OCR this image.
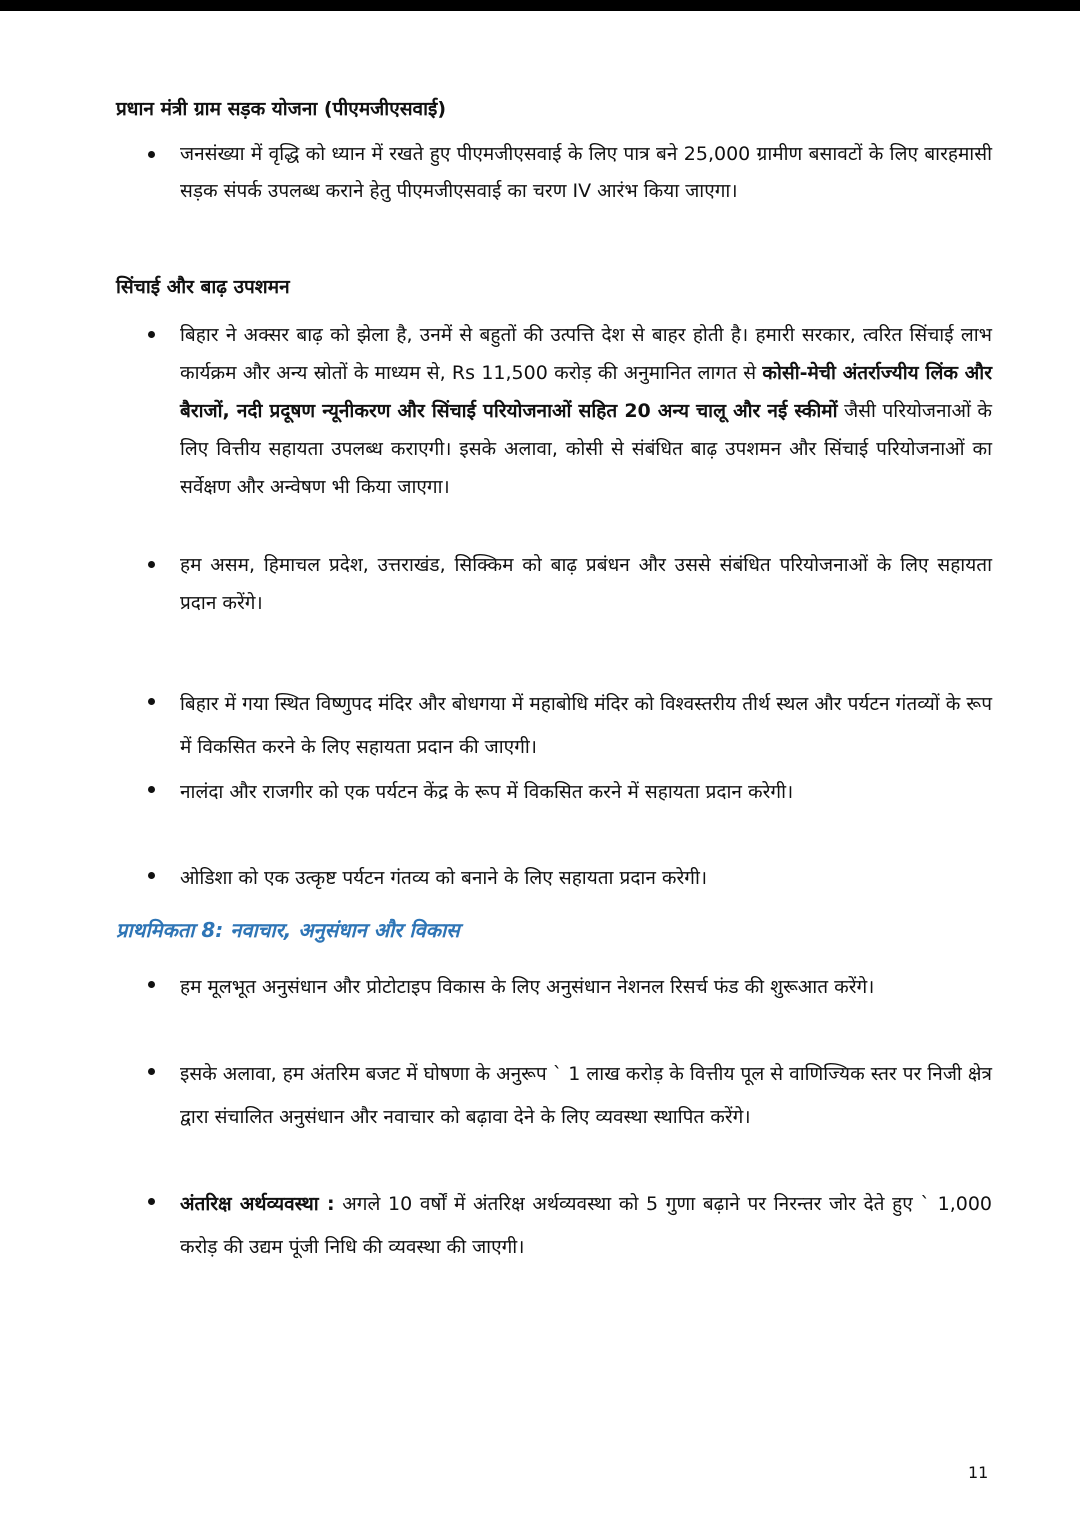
प्रधान मंत्री ग्राम सड़क योजना (पीएमजीएसवाई)
जनसंख्या में वृद्धि को ध्यान में रखते हुए पीएमजीएसवाई के लिए पात्र बने 25,000 ग्रामीण बसावटों के लिए बारहमासी सड़क संपर्क उपलब्ध कराने हेतु पीएमजीएसवाई का चरण IV आरंभ किया जाएगा।
सिंचाई और बाढ़ उपशमन
बिहार ने अक्सर बाढ़ को झेला है, उनमें से बहुतों की उत्पत्ति देश से बाहर होती है। हमारी सरकार, त्वरित सिंचाई लाभ कार्यक्रम और अन्य स्रोतों के माध्यम से, Rs 11,500 करोड़ की अनुमानित लागत से कोसी-मेची अंतर्राज्यीय लिंक और बैराजों, नदी प्रदूषण न्यूनीकरण और सिंचाई परियोजनाओं सहित 20 अन्य चालू और नई स्कीमों जैसी परियोजनाओं के लिए वित्तीय सहायता उपलब्ध कराएगी। इसके अलावा, कोसी से संबंधित बाढ़ उपशमन और सिंचाई परियोजनाओं का सर्वेक्षण और अन्वेषण भी किया जाएगा।
हम असम, हिमाचल प्रदेश, उत्तराखंड, सिक्किम को बाढ़ प्रबंधन और उससे संबंधित परियोजनाओं के लिए सहायता प्रदान करेंगे।
बिहार में गया स्थित विष्णुपद मंदिर और बोधगया में महाबोधि मंदिर को विश्वस्तरीय तीर्थ स्थल और पर्यटन गंतव्यों के रूप में विकसित करने के लिए सहायता प्रदान की जाएगी।
नालंदा और राजगीर को एक पर्यटन केंद्र के रूप में विकसित करने में सहायता प्रदान करेगी।
ओडिशा को एक उत्कृष्ट पर्यटन गंतव्य को बनाने के लिए सहायता प्रदान करेगी।
प्राथमिकता 8: नवाचार, अनुसंधान और विकास
हम मूलभूत अनुसंधान और प्रोटोटाइप विकास के लिए अनुसंधान नेशनल रिसर्च फंड की शुरूआत करेंगे।
इसके अलावा, हम अंतरिम बजट में घोषणा के अनुरूप ` 1 लाख करोड़ के वित्तीय पूल से वाणिज्यिक स्तर पर निजी क्षेत्र द्वारा संचालित अनुसंधान और नवाचार को बढ़ावा देने के लिए व्यवस्था स्थापित करेंगे।
अंतरिक्ष अर्थव्यवस्था : अगले 10 वर्षों में अंतरिक्ष अर्थव्यवस्था को 5 गुणा बढ़ाने पर निरन्तर जोर देते हुए ` 1,000 करोड़ की उद्यम पूंजी निधि की व्यवस्था की जाएगी।
11
